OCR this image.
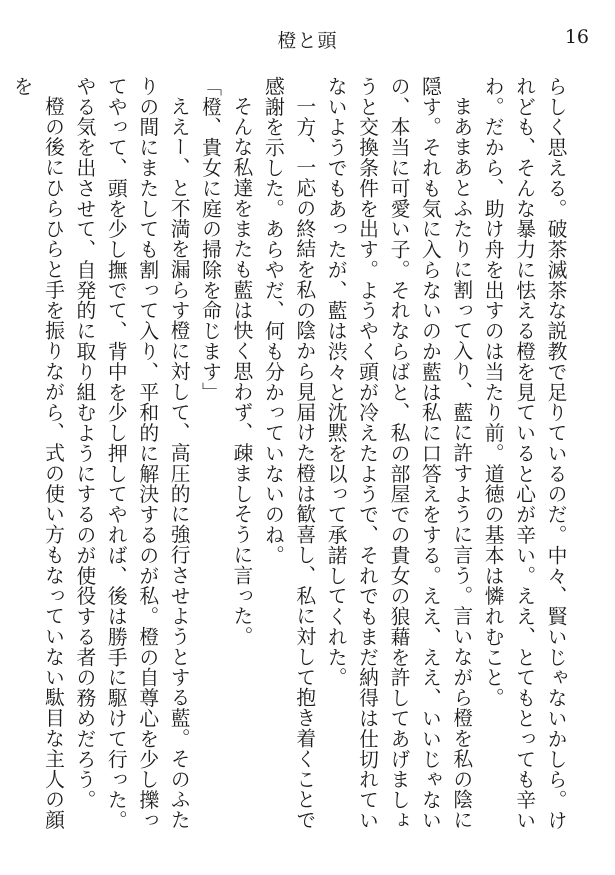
橙と頭	16

らしく思える。破茶滅茶な説教で足りているのだ。中々、賢いじゃないかしら。けれども、そんな暴力に怯える橙を見ていると心が辛い。ええ、とてもとっても辛いわ。だから、助け舟を出すのは当たり前。道徳の基本は憐れむこと。

まあまあとふたりに割って入り、藍に許すように言う。言いながら橙を私の陰に隠す。それも気に入らないのか藍は私に口答えをする。ええ、ええ、いいじゃないの、本当に可愛い子。それならばと、私の部屋での貴女の狼藉を許してあげましょうと交換条件を出す。ようやく頭が冷えたようで、それでもまだ納得は仕切れていないようでもあったが、藍は渋々と沈黙を以って承諾してくれた。

一方、一応の終結を私の陰から見届けた橙は歓喜し、私に対して抱き着くことで感謝を示した。あらやだ、何も分かっていないのね。

そんな私達をまたも藍は快く思わず、疎ましそうに言った。

「橙、貴女に庭の掃除を命じます」

ええー、と不満を漏らす橙に対して、高圧的に強行させようとする藍。そのふたりの間にまたしても割って入り、平和的に解決するのが私。橙の自尊心を少し擽ってやって、頭を少し撫でて、背中を少し押してやれば、後は勝手に駆けて行った。やる気を出させて、自発的に取り組むようにするのが使役する者の務めだろう。

橙の後にひらひらと手を振りながら、式の使い方もなっていない駄目な主人の顔を
